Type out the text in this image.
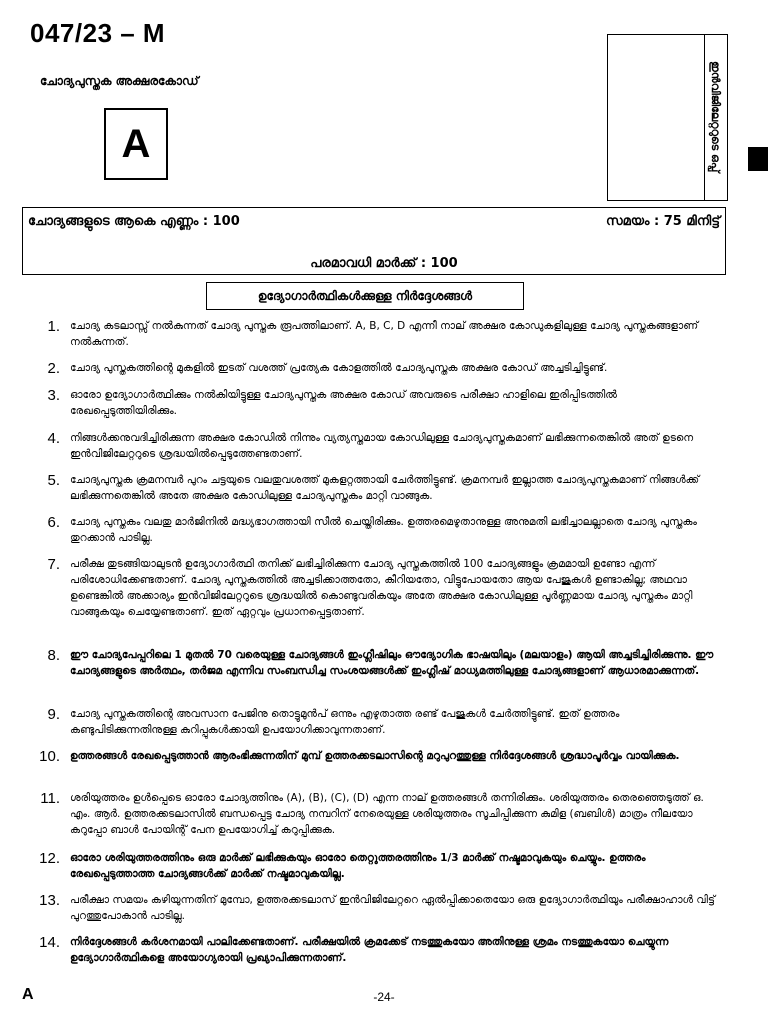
047/23 – M
ചോദ്യപുസ്തക അക്ഷരകോഡ്
A	ഇൻവിജിലേറ്ററുടെ ഒപ്പ്
ചോദ്യങ്ങളുടെ ആകെ എണ്ണം : 100	സമയം : 75 മിനിട്ട്
പരമാവധി മാർക്ക് : 100
ഉദ്യോഗാർത്ഥികൾക്കുള്ള നിർദ്ദേശങ്ങൾ
1. ചോദ്യ കടലാസ്സ് നൽകുന്നത് ചോദ്യ പുസ്തക രൂപത്തിലാണ്. A, B, C, D എന്നീ നാല് അക്ഷര കോഡുകളിലുള്ള ചോദ്യ പുസ്തകങ്ങളാണ് നൽകുന്നത്.
2. ചോദ്യ പുസ്തകത്തിന്റെ മുകളിൽ ഇടത് വശത്ത് പ്രത്യേക കോളത്തിൽ ചോദ്യപുസ്തക അക്ഷര കോഡ് അച്ചടിച്ചിട്ടുണ്ട്.
3. ഓരോ ഉദ്യോഗാർത്ഥിക്കും നൽകിയിട്ടുള്ള ചോദ്യപുസ്തക അക്ഷര കോഡ് അവരുടെ പരീക്ഷാ ഹാളിലെ ഇരിപ്പിടത്തിൽ രേഖപ്പെടുത്തിയിരിക്കും.
4. നിങ്ങൾക്കനുവദിച്ചിരിക്കുന്ന അക്ഷര കോഡിൽ നിന്നും വ്യത്യസ്തമായ കോഡിലുള്ള ചോദ്യപുസ്തകമാണ് ലഭിക്കുന്നതെങ്കിൽ അത് ഉടനെ ഇൻവിജിലേറ്ററുടെ ശ്രദ്ധയിൽപ്പെടുത്തേണ്ടതാണ്.
5. ചോദ്യപുസ്തക ക്രമനമ്പർ പുറം ചട്ടയുടെ വലതുവശത്ത് മുകളറ്റത്തായി ചേർത്തിട്ടുണ്ട്. ക്രമനമ്പർ ഇല്ലാത്ത ചോദ്യപുസ്തകമാണ് നിങ്ങൾക്ക് ലഭിക്കുന്നതെങ്കിൽ അതേ അക്ഷര കോഡിലുള്ള ചോദ്യപുസ്തകം മാറ്റി വാങ്ങുക.
6. ചോദ്യ പുസ്തകം വലതു മാർജിനിൽ മദ്ധ്യഭാഗത്തായി സീൽ ചെയ്തിരിക്കും. ഉത്തരമെഴുതാനുള്ള അനുമതി ലഭിച്ചാലല്ലാതെ ചോദ്യ പുസ്തകം തുറക്കാൻ പാടില്ല.
7. പരീക്ഷ തുടങ്ങിയാലുടൻ ഉദ്യോഗാർത്ഥി തനിക്ക് ലഭിച്ചിരിക്കുന്ന ചോദ്യ പുസ്തകത്തിൽ 100 ചോദ്യങ്ങളും ക്രമമായി ഉണ്ടോ എന്ന് പരിശോധിക്കേണ്ടതാണ്. ചോദ്യ പുസ്തകത്തിൽ അച്ചടിക്കാത്തതോ, കീറിയതോ, വിട്ടുപോയതോ ആയ പേജുകൾ ഉണ്ടാകില്ല; അഥവാ ഉണ്ടെങ്കിൽ അക്കാര്യം ഇൻവിജിലേറ്ററുടെ ശ്രദ്ധയിൽ കൊണ്ടുവരികയും അതേ അക്ഷര കോഡിലുള്ള പൂർണ്ണമായ ചോദ്യ പുസ്തകം മാറ്റി വാങ്ങുകയും ചെയ്യേണ്ടതാണ്. ഇത് ഏറ്റവും പ്രധാനപ്പെട്ടതാണ്.
8. ഈ ചോദ്യപേപ്പറിലെ 1 മുതൽ 70 വരെയുള്ള ചോദ്യങ്ങൾ ഇംഗ്ലീഷിലും ഔദ്യോഗിക ഭാഷയിലും (മലയാളം) ആയി അച്ചടിച്ചിരിക്കുന്നു. ഈ ചോദ്യങ്ങളുടെ അർത്ഥം, തർജമ എന്നിവ സംബന്ധിച്ച സംശയങ്ങൾക്ക് ഇംഗ്ലീഷ് മാധ്യമത്തിലുള്ള ചോദ്യങ്ങളാണ് ആധാരമാക്കുന്നത്.
9. ചോദ്യ പുസ്തകത്തിന്റെ അവസാന പേജിനു തൊട്ടുമുൻപ് ഒന്നും എഴുതാത്ത രണ്ട് പേജുകൾ ചേർത്തിട്ടുണ്ട്. ഇത് ഉത്തരം കണ്ടുപിടിക്കുന്നതിനുള്ള കുറിപ്പുകൾക്കായി ഉപയോഗിക്കാവുന്നതാണ്.
10. ഉത്തരങ്ങൾ രേഖപ്പെടുത്താൻ ആരംഭിക്കുന്നതിന് മുമ്പ് ഉത്തരക്കടലാസിന്റെ മറുപുറത്തുള്ള നിർദ്ദേശങ്ങൾ ശ്രദ്ധാപൂർവ്വം വായിക്കുക.
11. ശരിയുത്തരം ഉൾപ്പെടെ ഓരോ ചോദ്യത്തിനും (A), (B), (C), (D) എന്ന നാല് ഉത്തരങ്ങൾ തന്നിരിക്കും. ശരിയുത്തരം തെരഞ്ഞെടുത്ത് ഒ. എം. ആർ. ഉത്തരക്കടലാസിൽ ബന്ധപ്പെട്ട ചോദ്യ നമ്പറിന് നേരെയുള്ള ശരിയുത്തരം സൂചിപ്പിക്കുന്ന കുമിള (ബബിൾ) മാത്രം നീലയോ കറുപ്പോ ബാൾ പോയിന്റ് പേന ഉപയോഗിച്ച് കറുപ്പിക്കുക.
12. ഓരോ ശരിയുത്തരത്തിനും ഒരു മാർക്ക് ലഭിക്കുകയും ഓരോ തെറ്റുത്തരത്തിനും 1/3 മാർക്ക് നഷ്ടമാവുകയും ചെയ്യും. ഉത്തരം രേഖപ്പെടുത്താത്ത ചോദ്യങ്ങൾക്ക് മാർക്ക് നഷ്ടമാവുകയില്ല.
13. പരീക്ഷാ സമയം കഴിയുന്നതിന് മുമ്പോ, ഉത്തരക്കടലാസ് ഇൻവിജിലേറ്ററെ ഏൽപ്പിക്കാതെയോ ഒരു ഉദ്യോഗാർത്ഥിയും പരീക്ഷാഹാൾ വിട്ട് പുറത്തുപോകാൻ പാടില്ല.
14. നിർദ്ദേശങ്ങൾ കർശനമായി പാലിക്കേണ്ടതാണ്. പരീക്ഷയിൽ ക്രമക്കേട് നടത്തുകയോ അതിനുള്ള ശ്രമം നടത്തുകയോ ചെയ്യുന്ന ഉദ്യോഗാർത്ഥികളെ അയോഗ്യരായി പ്രഖ്യാപിക്കുന്നതാണ്.
A	-24-
